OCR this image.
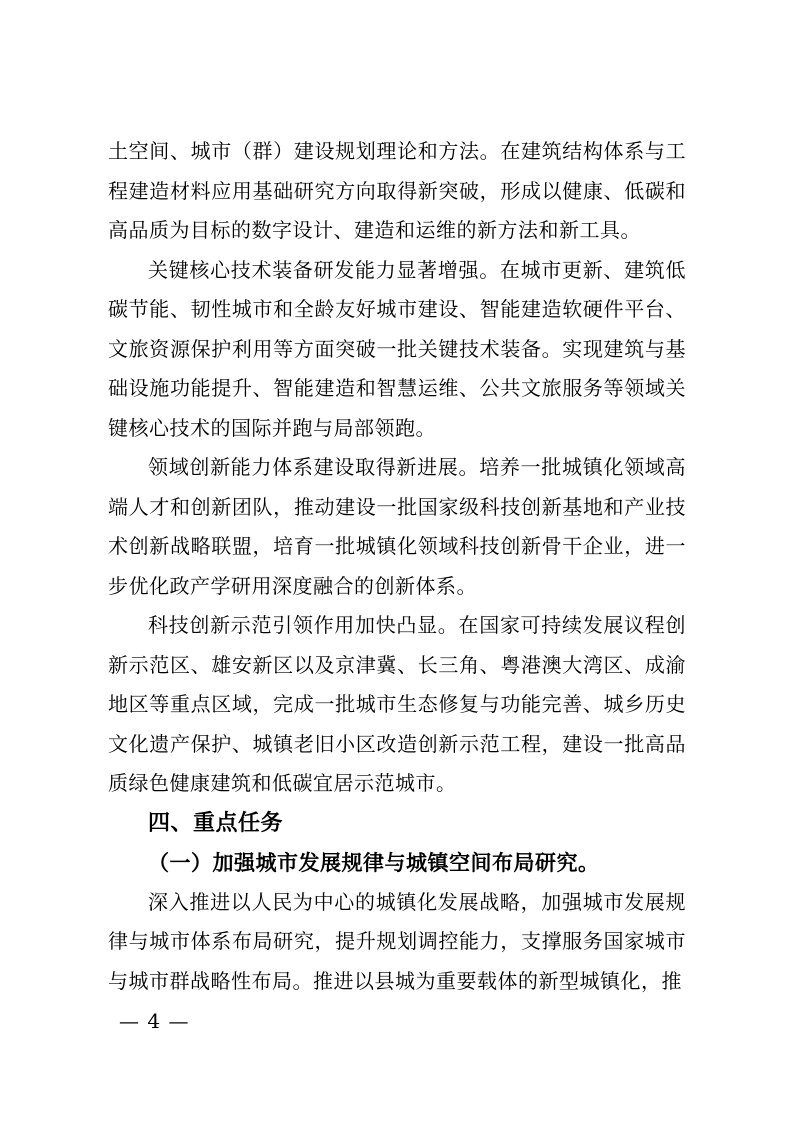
土空间、城市（群）建设规划理论和方法。在建筑结构体系与工
程建造材料应用基础研究方向取得新突破，形成以健康、低碳和
高品质为目标的数字设计、建造和运维的新方法和新工具。
关键核心技术装备研发能力显著增强。在城市更新、建筑低
碳节能、韧性城市和全龄友好城市建设、智能建造软硬件平台、
文旅资源保护利用等方面突破一批关键技术装备。实现建筑与基
础设施功能提升、智能建造和智慧运维、公共文旅服务等领域关
键核心技术的国际并跑与局部领跑。
领域创新能力体系建设取得新进展。培养一批城镇化领域高
端人才和创新团队，推动建设一批国家级科技创新基地和产业技
术创新战略联盟，培育一批城镇化领域科技创新骨干企业，进一
步优化政产学研用深度融合的创新体系。
科技创新示范引领作用加快凸显。在国家可持续发展议程创
新示范区、雄安新区以及京津冀、长三角、粤港澳大湾区、成渝
地区等重点区域，完成一批城市生态修复与功能完善、城乡历史
文化遗产保护、城镇老旧小区改造创新示范工程，建设一批高品
质绿色健康建筑和低碳宜居示范城市。
四、重点任务
（一）加强城市发展规律与城镇空间布局研究。
深入推进以人民为中心的城镇化发展战略，加强城市发展规
律与城市体系布局研究，提升规划调控能力，支撑服务国家城市
与城市群战略性布局。推进以县城为重要载体的新型城镇化，推
— 4 —
